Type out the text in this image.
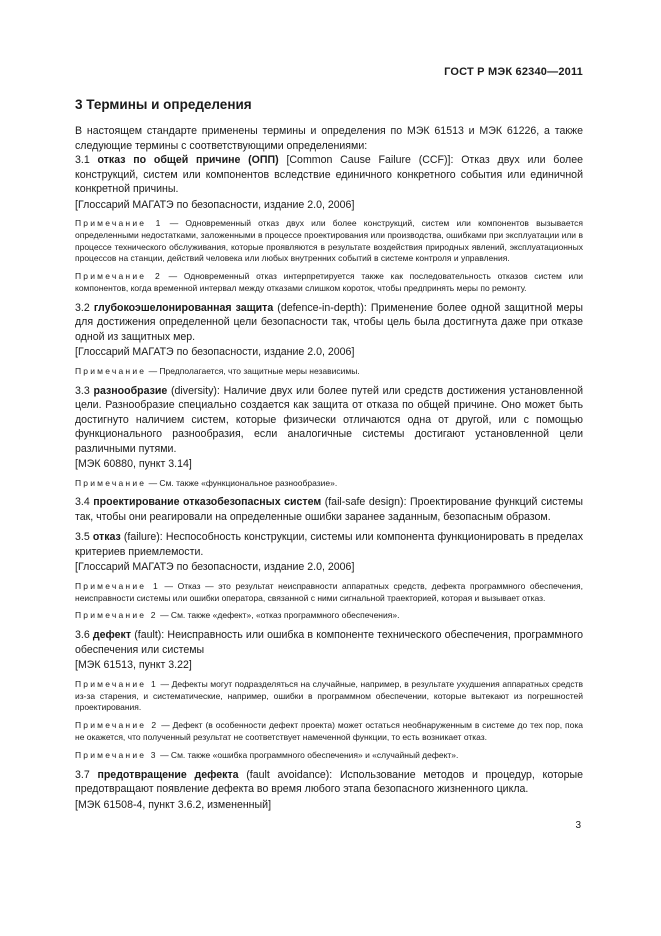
ГОСТ Р МЭК 62340—2011
3 Термины и определения

В настоящем стандарте применены термины и определения по МЭК 61513 и МЭК 61226, а также следующие термины с соответствующими определениями:

3.1 отказ по общей причине (ОПП) [Common Cause Failure (CCF)]: Отказ двух или более конструкций, систем или компонентов вследствие единичного конкретного события или единичной конкретной причины.

[Глоссарий МАГАТЭ по безопасности, издание 2.0, 2006]

Примечание 1 — Одновременный отказ двух или более конструкций, систем или компонентов вызывается определенными недостатками, заложенными в процессе проектирования или производства, ошибками при эксплуатации или в процессе технического обслуживания, которые проявляются в результате воздействия природных явлений, эксплуатационных процессов на станции, действий человека или любых внутренних событий в системе контроля и управления.

Примечание 2 — Одновременный отказ интерпретируется также как последовательность отказов систем или компонентов, когда временной интервал между отказами слишком короток, чтобы предпринять меры по ремонту.

3.2 глубокоэшелонированная защита (defence-in-depth): Применение более одной защитной меры для достижения определенной цели безопасности так, чтобы цель была достигнута даже при отказе одной из защитных мер.

[Глоссарий МАГАТЭ по безопасности, издание 2.0, 2006]

Примечание — Предполагается, что защитные меры независимы.

3.3 разнообразие (diversity): Наличие двух или более путей или средств достижения установленной цели. Разнообразие специально создается как защита от отказа по общей причине. Оно может быть достигнуто наличием систем, которые физически отличаются одна от другой, или с помощью функционального разнообразия, если аналогичные системы достигают установленной цели различными путями.

[МЭК 60880, пункт 3.14]

Примечание — См. также «функциональное разнообразие».

3.4 проектирование отказобезопасных систем (fail-safe design): Проектирование функций системы так, чтобы они реагировали на определенные ошибки заранее заданным, безопасным образом.

3.5 отказ (failure): Неспособность конструкции, системы или компонента функционировать в пределах критериев приемлемости.

[Глоссарий МАГАТЭ по безопасности, издание 2.0, 2006]

Примечание 1 — Отказ — это результат неисправности аппаратных средств, дефекта программного обеспечения, неисправности системы или ошибки оператора, связанной с ними сигнальной траекторией, которая и вызывает отказ.

Примечание 2 — См. также «дефект», «отказ программного обеспечения».

3.6 дефект (fault): Неисправность или ошибка в компоненте технического обеспечения, программного обеспечения или системы

[МЭК 61513, пункт 3.22]

Примечание 1 — Дефекты могут подразделяться на случайные, например, в результате ухудшения аппаратных средств из-за старения, и систематические, например, ошибки в программном обеспечении, которые вытекают из погрешностей проектирования.

Примечание 2 — Дефект (в особенности дефект проекта) может остаться необнаруженным в системе до тех пор, пока не окажется, что полученный результат не соответствует намеченной функции, то есть возникает отказ.

Примечание 3 — См. также «ошибка программного обеспечения» и «случайный дефект».

3.7 предотвращение дефекта (fault avoidance): Использование методов и процедур, которые предотвращают появление дефекта во время любого этапа безопасного жизненного цикла.

[МЭК 61508-4, пункт 3.6.2, измененный]

3
